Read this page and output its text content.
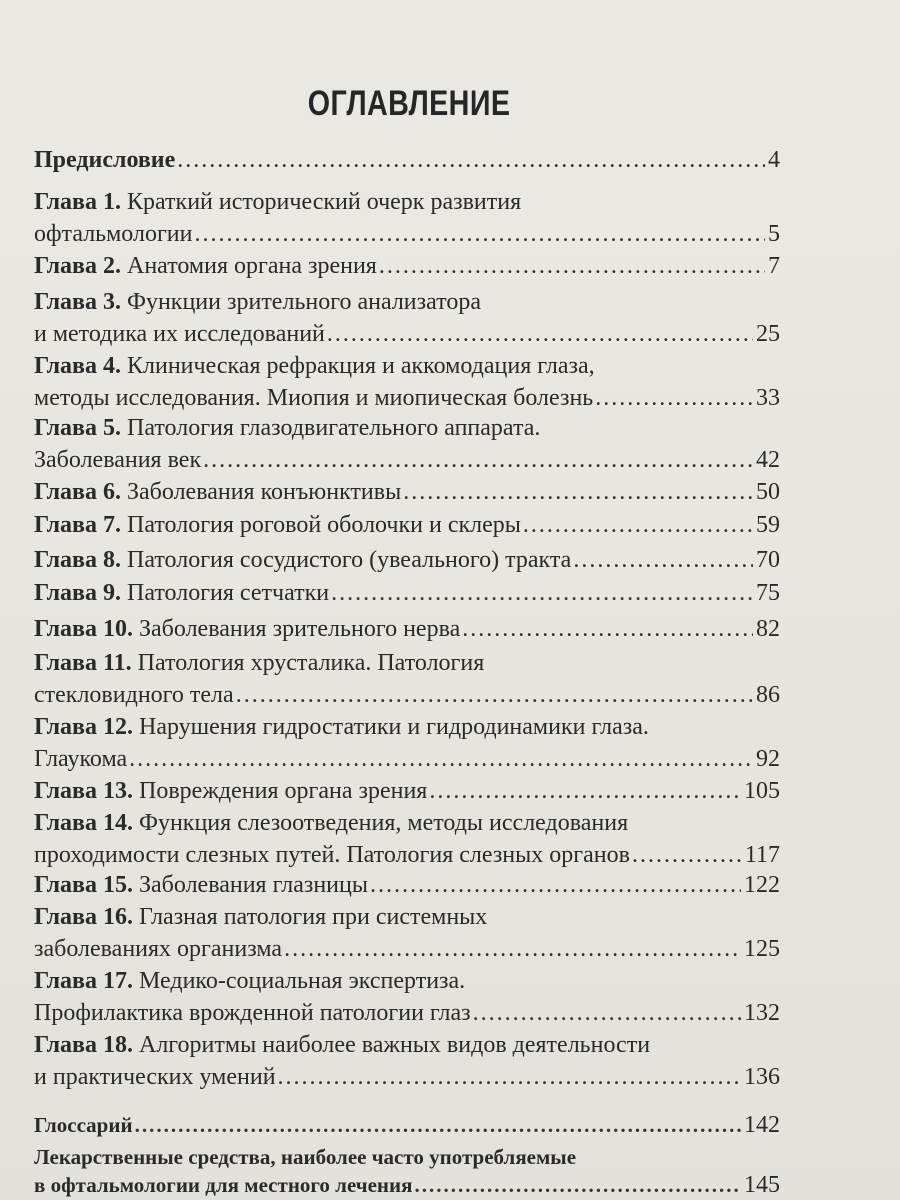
ОГЛАВЛЕНИЕ
Предисловие .....	4
Глава 1. Краткий исторический очерк развития
офтальмологии .....	5
Глава 2. Анатомия органа зрения .....	7
Глава 3. Функции зрительного анализатора
и методика их исследований .....	25
Глава 4. Клиническая рефракция и аккомодация глаза,
методы исследования. Миопия и миопическая болезнь .....	33
Глава 5. Патология глазодвигательного аппарата.
Заболевания век .....	42
Глава 6. Заболевания конъюнктивы .....	50
Глава 7. Патология роговой оболочки и склеры .....	59
Глава 8. Патология сосудистого (увеального) тракта .....	70
Глава 9. Патология сетчатки .....	75
Глава 10. Заболевания зрительного нерва .....	82
Глава 11. Патология хрусталика. Патология
стекловидного тела .....	86
Глава 12. Нарушения гидростатики и гидродинамики глаза.
Глаукома .....	92
Глава 13. Повреждения органа зрения .....	105
Глава 14. Функция слезоотведения, методы исследования
проходимости слезных путей. Патология слезных органов .....	117
Глава 15. Заболевания глазницы .....	122
Глава 16. Глазная патология при системных
заболеваниях организма .....	125
Глава 17. Медико-социальная экспертиза.
Профилактика врожденной патологии глаз .....	132
Глава 18. Алгоритмы наиболее важных видов деятельности
и практических умений .....	136
Глоссарий .....	142
Лекарственные средства, наиболее часто употребляемые
в офтальмологии для местного лечения .....	145
